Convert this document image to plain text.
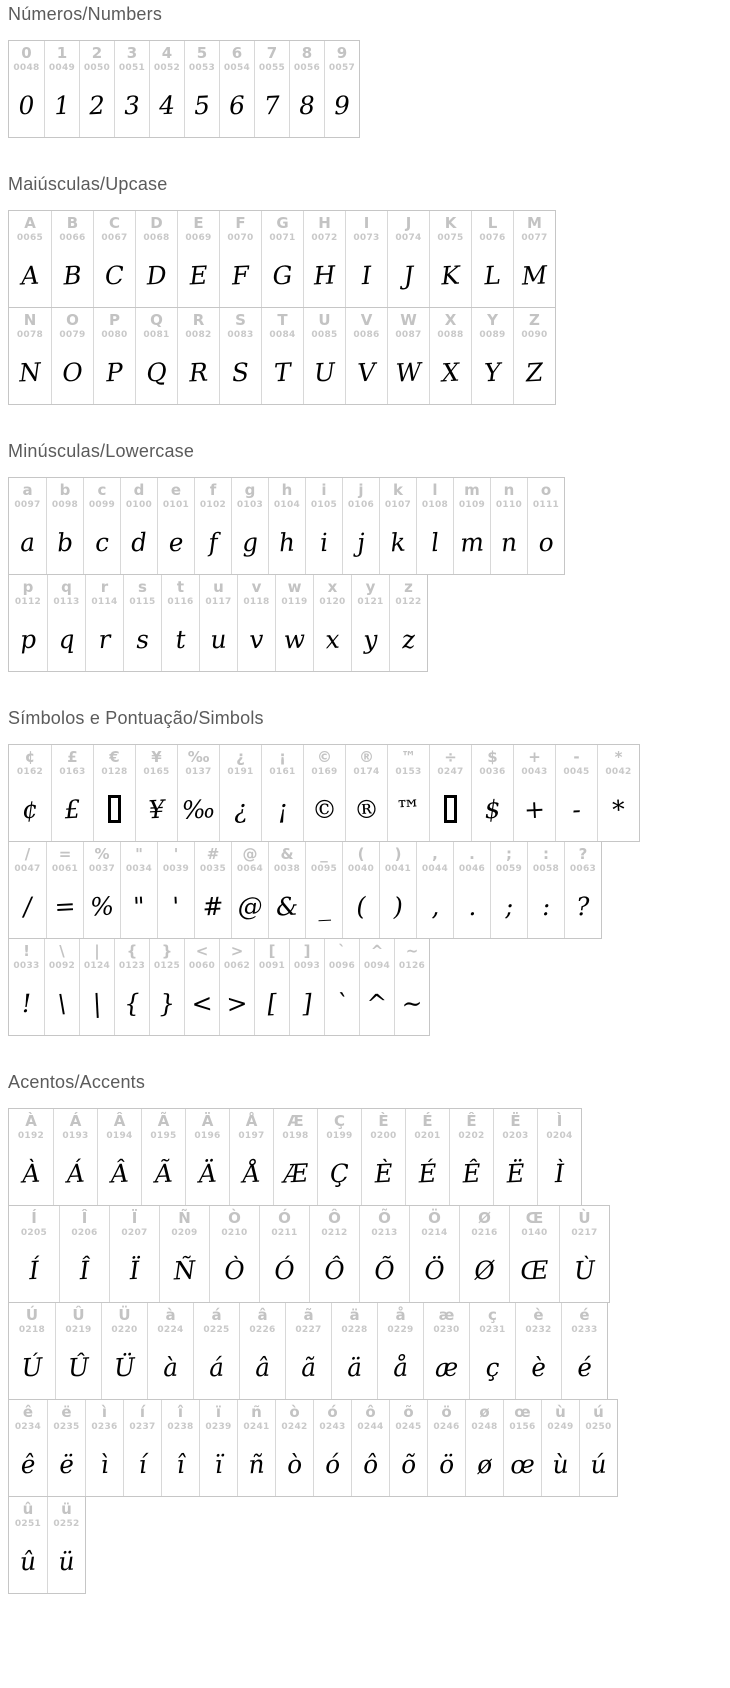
Números/Numbers
0
0048
0
1
0049
1
2
0050
2
3
0051
3
4
0052
4
5
0053
5
6
0054
6
7
0055
7
8
0056
8
9
0057
9
Maiúsculas/Upcase
A
0065
A
B
0066
B
C
0067
C
D
0068
D
E
0069
E
F
0070
F
G
0071
G
H
0072
H
I
0073
I
J
0074
J
K
0075
K
L
0076
L
M
0077
M
N
0078
N
O
0079
O
P
0080
P
Q
0081
Q
R
0082
R
S
0083
S
T
0084
T
U
0085
U
V
0086
V
W
0087
W
X
0088
X
Y
0089
Y
Z
0090
Z
Minúsculas/Lowercase
a
0097
a
b
0098
b
c
0099
c
d
0100
d
e
0101
e
f
0102
f
g
0103
g
h
0104
h
i
0105
i
j
0106
j
k
0107
k
l
0108
l
m
0109
m
n
0110
n
o
0111
o
p
0112
p
q
0113
q
r
0114
r
s
0115
s
t
0116
t
u
0117
u
v
0118
v
w
0119
w
x
0120
x
y
0121
y
z
0122
z
Símbolos e Pontuação/Simbols
¢
0162
¢
£
0163
£
€
0128
¥
0165
¥
‰
0137
‰
¿
0191
¿
¡
0161
¡
©
0169
©
®
0174
®
™
0153
™
÷
0247
$
0036
$
+
0043
+
-
0045
-
*
0042
*
/
0047
/
=
0061
=
%
0037
%
"
0034
"
'
0039
'
#
0035
#
@
0064
@
&
0038
&
_
0095
_
(
0040
(
)
0041
)
,
0044
,
.
0046
.
;
0059
;
:
0058
:
?
0063
?
!
0033
!
\
0092
\
|
0124
|
{
0123
{
}
0125
}
<
0060
<
>
0062
>
[
0091
[
]
0093
]
`
0096
`
^
0094
^
~
0126
~
Acentos/Accents
À
0192
À
Á
0193
Á
Â
0194
Â
Ã
0195
Ã
Ä
0196
Ä
Å
0197
Å
Æ
0198
Æ
Ç
0199
Ç
È
0200
È
É
0201
É
Ê
0202
Ê
Ë
0203
Ë
Ì
0204
Ì
Í
0205
Í
Î
0206
Î
Ï
0207
Ï
Ñ
0209
Ñ
Ò
0210
Ò
Ó
0211
Ó
Ô
0212
Ô
Õ
0213
Õ
Ö
0214
Ö
Ø
0216
Ø
Œ
0140
Œ
Ù
0217
Ù
Ú
0218
Ú
Û
0219
Û
Ü
0220
Ü
à
0224
à
á
0225
á
â
0226
â
ã
0227
ã
ä
0228
ä
å
0229
å
æ
0230
æ
ç
0231
ç
è
0232
è
é
0233
é
ê
0234
ê
ë
0235
ë
ì
0236
ì
í
0237
í
î
0238
î
ï
0239
ï
ñ
0241
ñ
ò
0242
ò
ó
0243
ó
ô
0244
ô
õ
0245
õ
ö
0246
ö
ø
0248
ø
œ
0156
œ
ù
0249
ù
ú
0250
ú
û
0251
û
ü
0252
ü
